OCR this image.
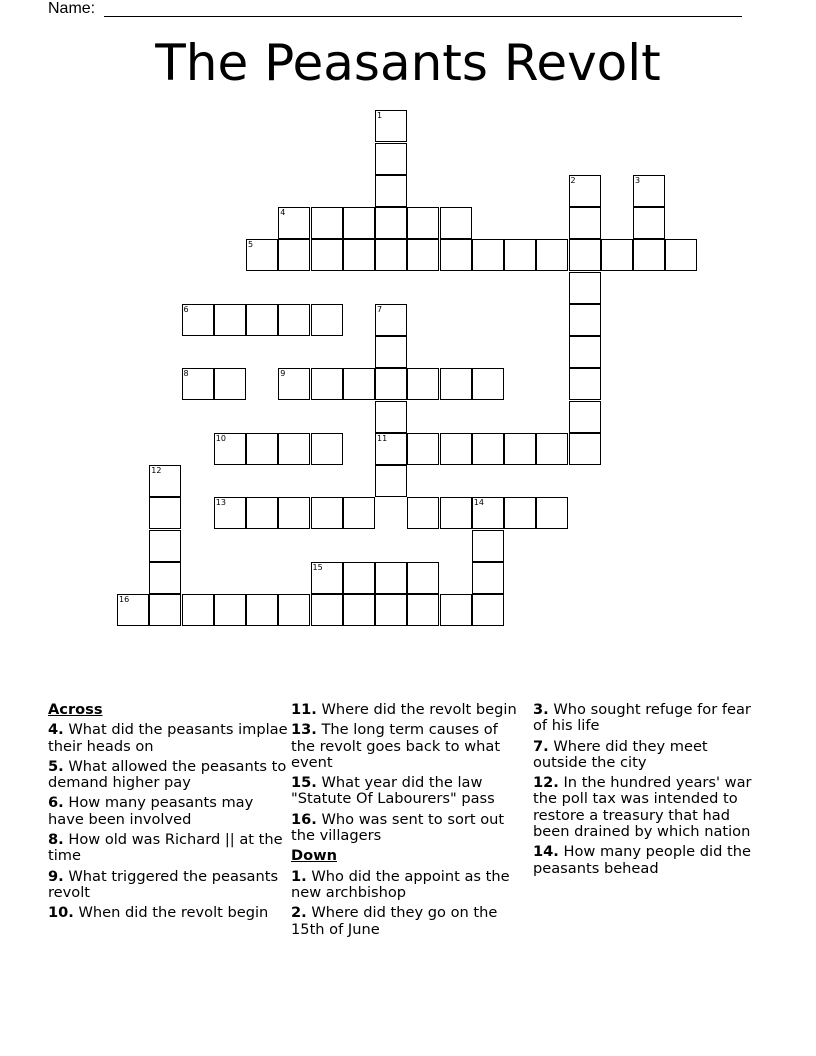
Name:
The Peasants Revolt
1
2	3
4
5
6	7
11
8	9
10
12
13	14
15
16
Across
4. What did the peasants implae their heads on
5. What allowed the peasants to demand higher pay
6. How many peasants may have been involved
8. How old was Richard || at the time
9. What triggered the peasants revolt
10. When did the revolt begin
11. Where did the revolt begin
13. The long term causes of the revolt goes back to what event
15. What year did the law "Statute Of Labourers" pass
16. Who was sent to sort out the villagers
Down
1. Who did the appoint as the new archbishop
2. Where did they go on the 15th of June
3. Who sought refuge for fear of his life
7. Where did they meet outside the city
12. In the hundred years' war the poll tax was intended to restore a treasury that had been drained by which nation
14. How many people did the peasants behead
